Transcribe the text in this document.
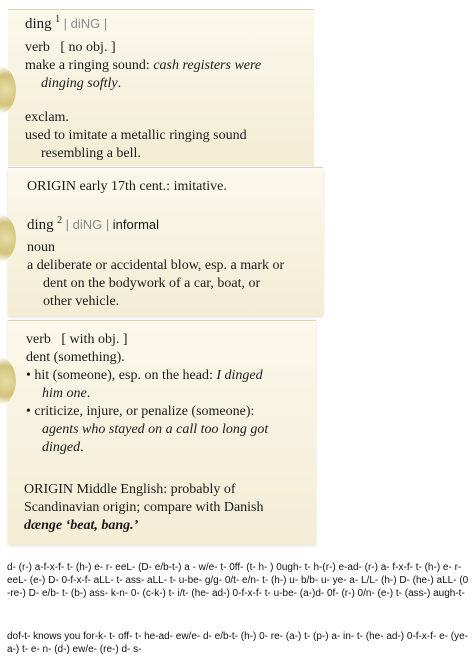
ding $^1$ | diNG |
verb [ no obj. ]
make a ringing sound: cash registers were
dinging softly.
exclam.
used to imitate a metallic ringing sound
resembling a bell.
ORIGIN early 17th cent.: imitative.
ding $^2$ | diNG | informal
noun
a deliberate or accidental blow, esp. a mark or
dent on the bodywork of a car, boat, or
other vehicle.
verb [ with obj. ]
dent (something).
• hit (someone), esp. on the head: I dinged
him one.
• criticize, injure, or penalize (someone):
agents who stayed on a call too long got
dinged.
ORIGIN Middle English: probably of
Scandinavian origin; compare with Danish
dænge ‘beat, bang.’
d- (r-) a-f-x-f- t- (h-) e- r- eeL- (D- e/b-t-) a - w/e- t- 0ff- (t- h- ) 0ugh- t- h-(r-) e-ad- (r-) a- f-x-f- t- (h-) e- r- eeL- (e-) D- 0-f-x-f- aLL- t- ass- aLL- t- u-be- g/g- 0/t- e/n- t- (h-) u- b/b- u- ye- a- L/L- (h-) D- (he-) aLL- (0-re-) D- e/b- t- (b-) ass- k-n- 0- (c-k-) t- i/t- (he- ad-) 0-f-x-f- t- u-be- (a-)d- 0f- (r-) 0/n- (e-) t- (ass-) augh-t-
dof-t- knows you for-k- t- off- t- he-ad- ew/e- d- e/b-t- (h-) 0- re- (a-) t- (p-) a- in- t- (he- ad-) 0-f-x-f- e- (ye-a-) t- e- n- (d-) ew/e- (re-) d- s-
